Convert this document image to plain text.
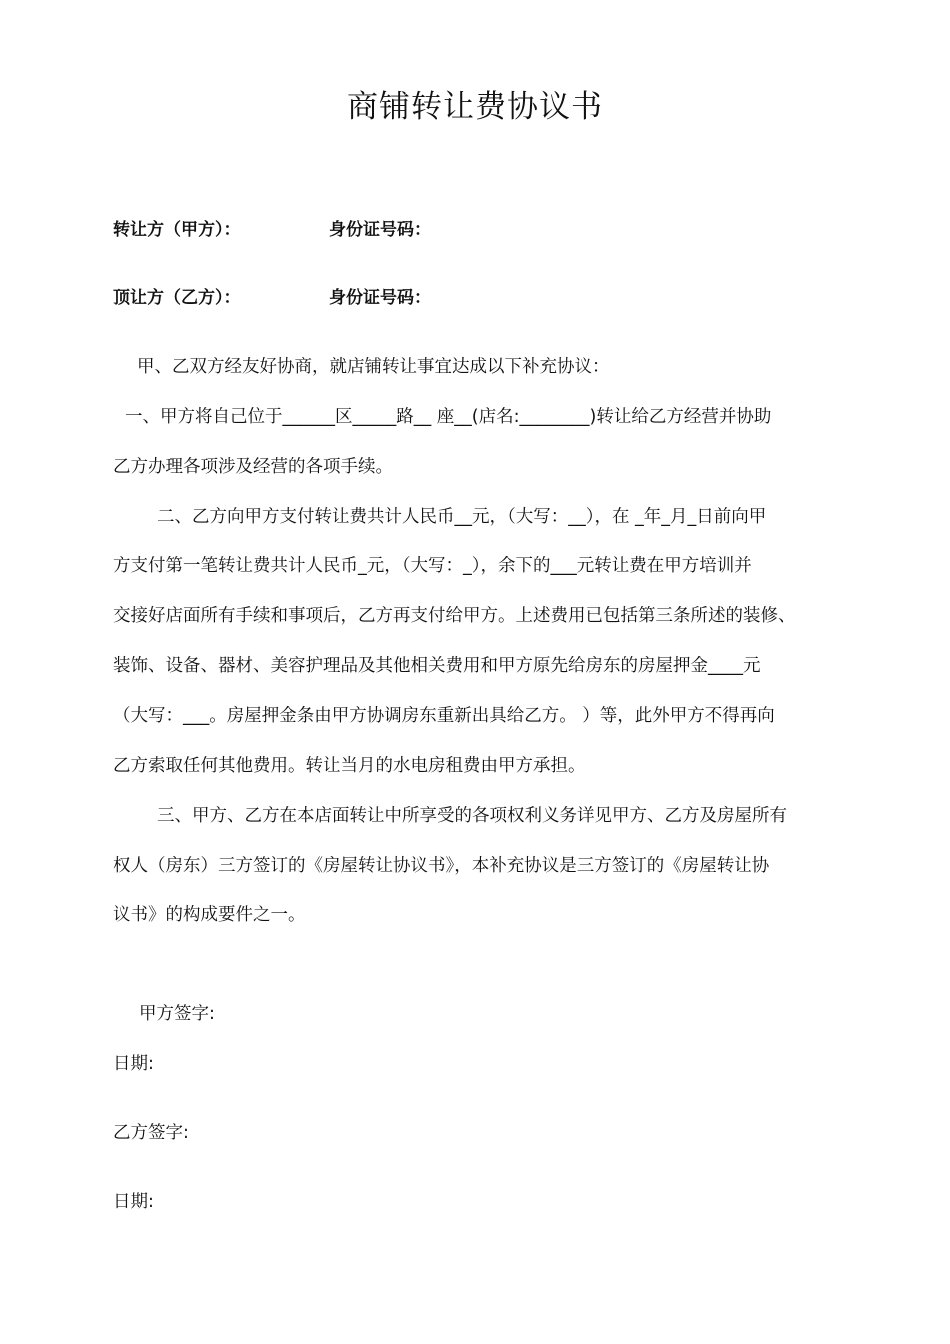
商铺转让费协议书
转让方（甲方）：	身份证号码：
顶让方（乙方）：	身份证号码：
甲、乙双方经友好协商，就店铺转让事宜达成以下补充协议：
一、甲方将自己位于______区_____路__ 座__(店名:________)转让给乙方经营并协助
乙方办理各项涉及经营的各项手续。
二、乙方向甲方支付转让费共计人民币__元，（大写：__），在 _年_月_日前向甲
方支付第一笔转让费共计人民币_元，（大写：_），余下的___元转让费在甲方培训并
交接好店面所有手续和事项后，乙方再支付给甲方。上述费用已包括第三条所述的装修、
装饰、设备、器材、美容护理品及其他相关费用和甲方原先给房东的房屋押金____元
（大写：___。房屋押金条由甲方协调房东重新出具给乙方。 ）等，此外甲方不得再向
乙方索取任何其他费用。转让当月的水电房租费由甲方承担。
三、甲方、乙方在本店面转让中所享受的各项权利义务详见甲方、乙方及房屋所有
权人（房东）三方签订的《房屋转让协议书》，本补充协议是三方签订的《房屋转让协
议书》的构成要件之一。
甲方签字:
日期:
乙方签字:
日期:
